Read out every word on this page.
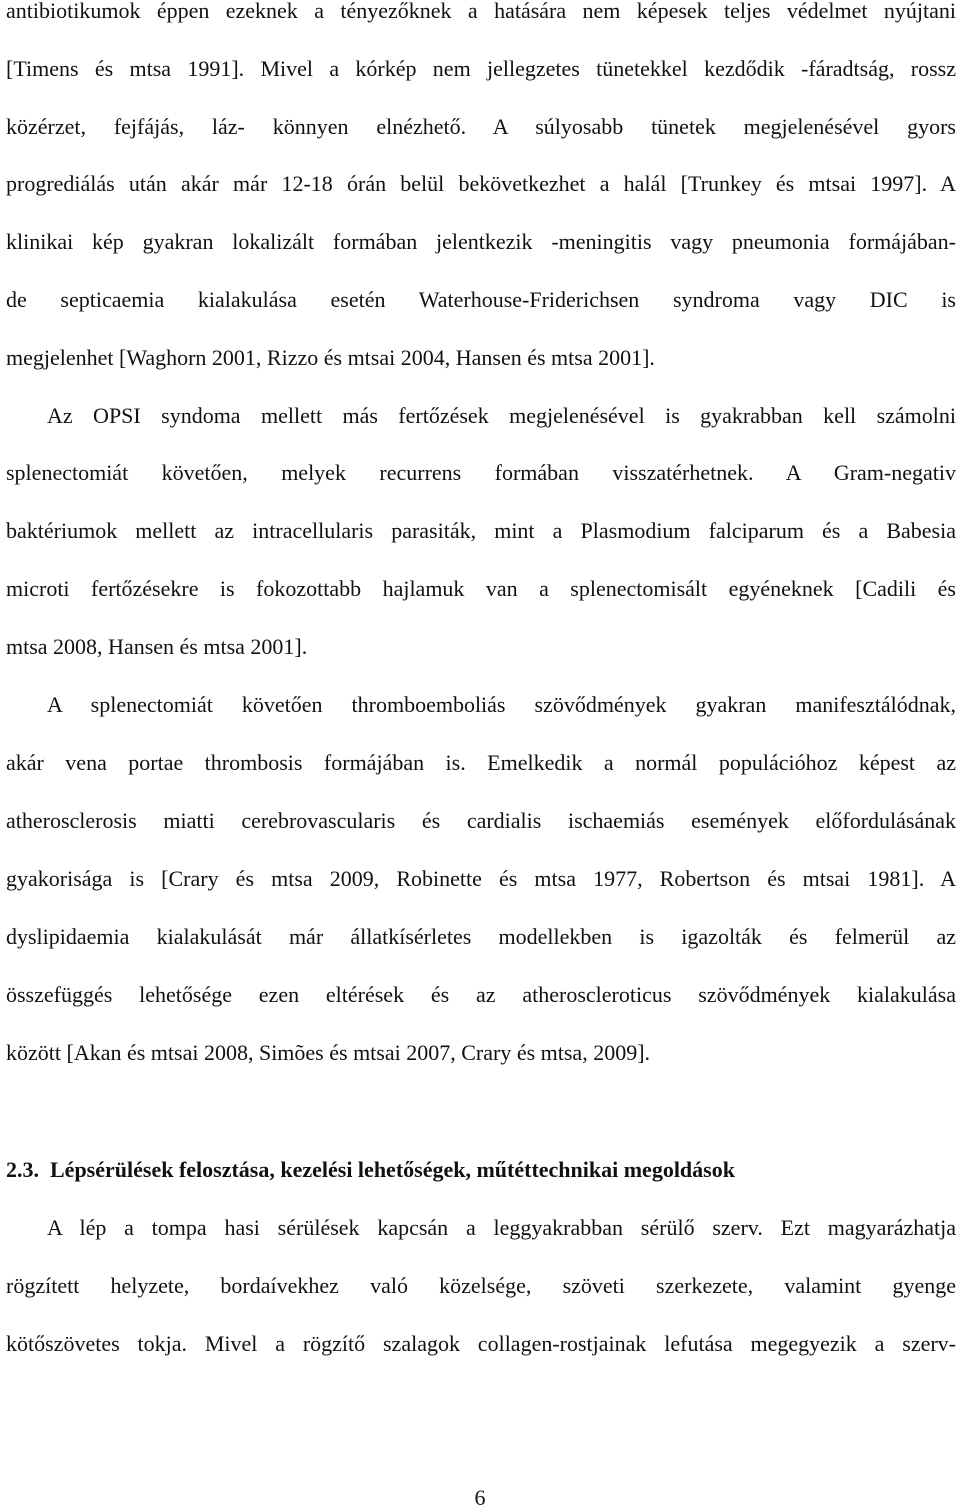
antibiotikumok éppen ezeknek a tényezőknek a hatására nem képesek teljes védelmet nyújtani
[Timens és mtsa 1991]. Mivel a kórkép nem jellegzetes tünetekkel kezdődik -fáradtság, rossz
közérzet, fejfájás, láz- könnyen elnézhető. A súlyosabb tünetek megjelenésével gyors
progrediálás után akár már 12-18 órán belül bekövetkezhet a halál [Trunkey és mtsai 1997]. A
klinikai kép gyakran lokalizált formában jelentkezik -meningitis vagy pneumonia formájában-
de septicaemia kialakulása esetén Waterhouse-Friderichsen syndroma vagy DIC is
megjelenhet [Waghorn 2001, Rizzo és mtsai 2004, Hansen és mtsa 2001].
Az OPSI syndoma mellett más fertőzések megjelenésével is gyakrabban kell számolni
splenectomiát követően, melyek recurrens formában visszatérhetnek. A Gram-negativ
baktériumok mellett az intracellularis parasiták, mint a Plasmodium falciparum és a Babesia
microti fertőzésekre is fokozottabb hajlamuk van a splenectomisált egyéneknek [Cadili és
mtsa 2008, Hansen és mtsa 2001].
A splenectomiát követően thromboemboliás szövődmények gyakran manifesztálódnak,
akár vena portae thrombosis formájában is. Emelkedik a normál populációhoz képest az
atherosclerosis miatti cerebrovascularis és cardialis ischaemiás események előfordulásának
gyakorisága is [Crary és mtsa 2009, Robinette és mtsa 1977, Robertson és mtsai 1981]. A
dyslipidaemia kialakulását már állatkísérletes modellekben is igazolták és felmerül az
összefüggés lehetősége ezen eltérések és az atheroscleroticus szövődmények kialakulása
között [Akan és mtsai 2008, Simões és mtsai 2007, Crary és mtsa, 2009].
2.3. Lépsérülések felosztása, kezelési lehetőségek, műtéttechnikai megoldások
A lép a tompa hasi sérülések kapcsán a leggyakrabban sérülő szerv. Ezt magyarázhatja
rögzített helyzete, bordaívekhez való közelsége, szöveti szerkezete, valamint gyenge
kötőszövetes tokja. Mivel a rögzítő szalagok collagen-rostjainak lefutása megegyezik a szerv-
6
